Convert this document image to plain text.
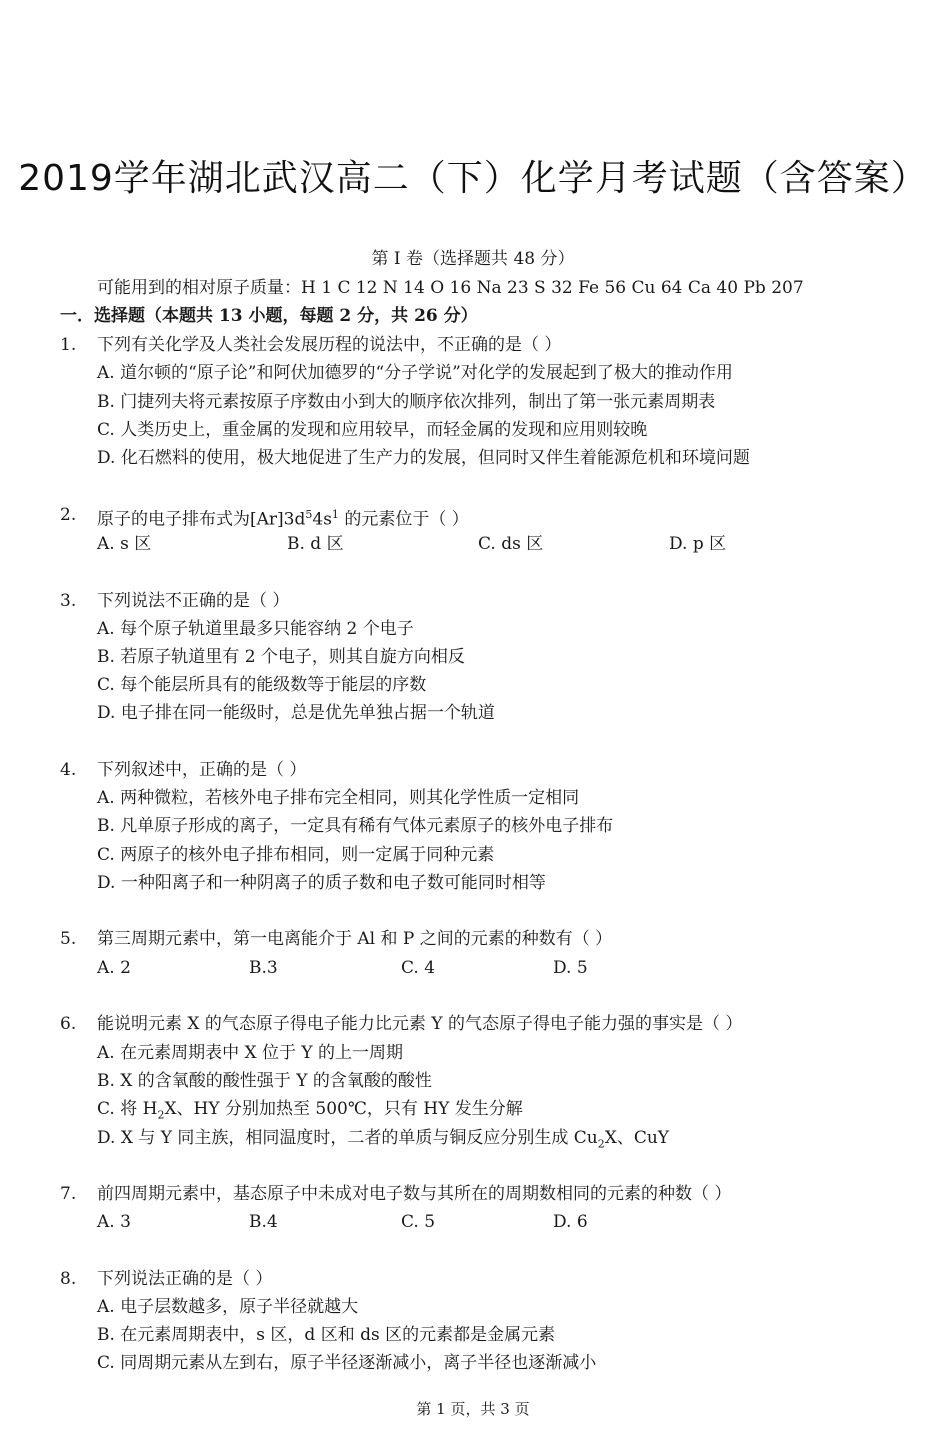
2019学年湖北武汉高二（下）化学月考试题（含答案）
第 I 卷（选择题共 48 分）
可能用到的相对原子质量：H 1 C 12 N 14 O 16 Na 23 S 32 Fe 56 Cu 64 Ca 40 Pb 207
一．选择题（本题共 13 小题，每题 2 分，共 26 分）
1. 下列有关化学及人类社会发展历程的说法中，不正确的是（ ）
A. 道尔顿的“原子论”和阿伏加德罗的“分子学说”对化学的发展起到了极大的推动作用
B. 门捷列夫将元素按原子序数由小到大的顺序依次排列，制出了第一张元素周期表
C. 人类历史上，重金属的发现和应用较早，而轻金属的发现和应用则较晚
D. 化石燃料的使用，极大地促进了生产力的发展，但同时又伴生着能源危机和环境问题
2. 原子的电子排布式为$[Ar]3d^54s^1$ 的元素位于（ ）
A. s 区	B. d 区	C. ds 区	D. p 区
3. 下列说法不正确的是（ ）
A. 每个原子轨道里最多只能容纳 2 个电子
B. 若原子轨道里有 2 个电子，则其自旋方向相反
C. 每个能层所具有的能级数等于能层的序数
D. 电子排在同一能级时，总是优先单独占据一个轨道
4. 下列叙述中，正确的是（ ）
A. 两种微粒，若核外电子排布完全相同，则其化学性质一定相同
B. 凡单原子形成的离子，一定具有稀有气体元素原子的核外电子排布
C. 两原子的核外电子排布相同，则一定属于同种元素
D. 一种阳离子和一种阴离子的质子数和电子数可能同时相等
5. 第三周期元素中，第一电离能介于 Al 和 P 之间的元素的种数有（ ）
A. 2	B.3	C. 4	D. 5
6. 能说明元素 X 的气态原子得电子能力比元素 Y 的气态原子得电子能力强的事实是（ ）
A. 在元素周期表中 X 位于 Y 的上一周期
B. X 的含氧酸的酸性强于 Y 的含氧酸的酸性
C. 将 $H_2X$、HY 分别加热至 500℃，只有 HY 发生分解
D. X 与 Y 同主族，相同温度时，二者的单质与铜反应分别生成 $Cu_2X$、CuY
7. 前四周期元素中，基态原子中未成对电子数与其所在的周期数相同的元素的种数（ ）
A. 3	B.4	C. 5	D. 6
8. 下列说法正确的是（ ）
A. 电子层数越多，原子半径就越大
B. 在元素周期表中，s 区，d 区和 ds 区的元素都是金属元素
C. 同周期元素从左到右，原子半径逐渐减小，离子半径也逐渐减小
第 1 页，共 3 页
